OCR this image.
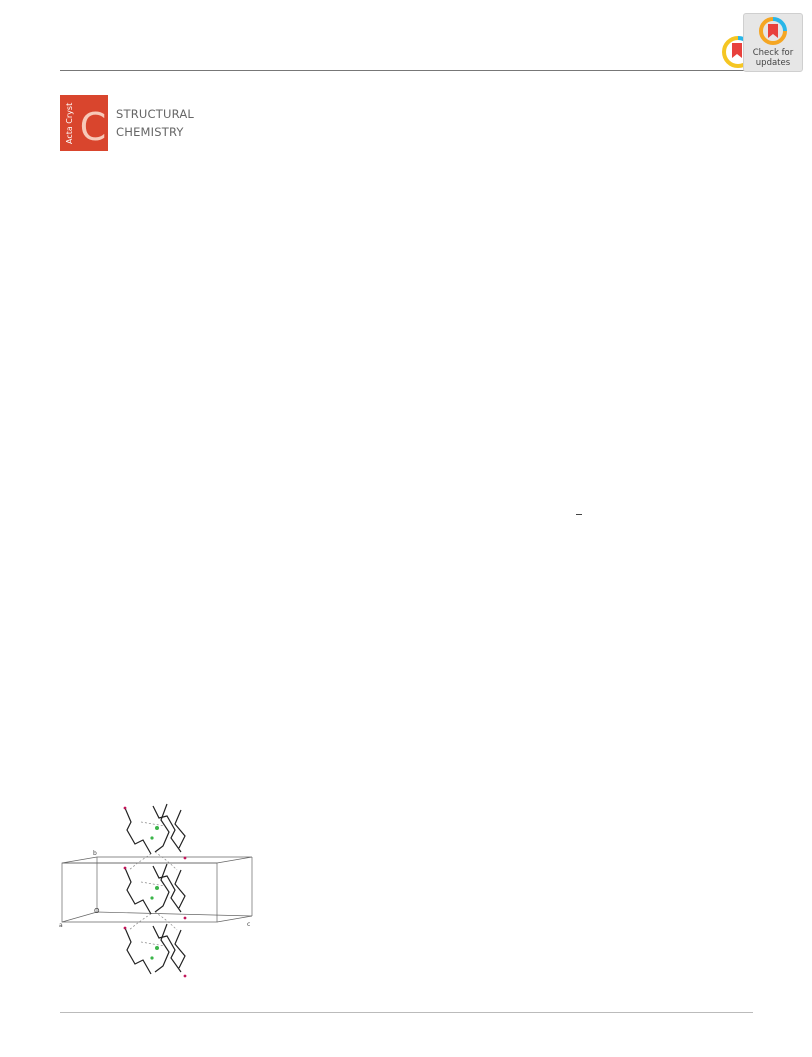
Check for
updates
Acta Cryst C STRUCTURAL
CHEMISTRY
b
O
a	c
